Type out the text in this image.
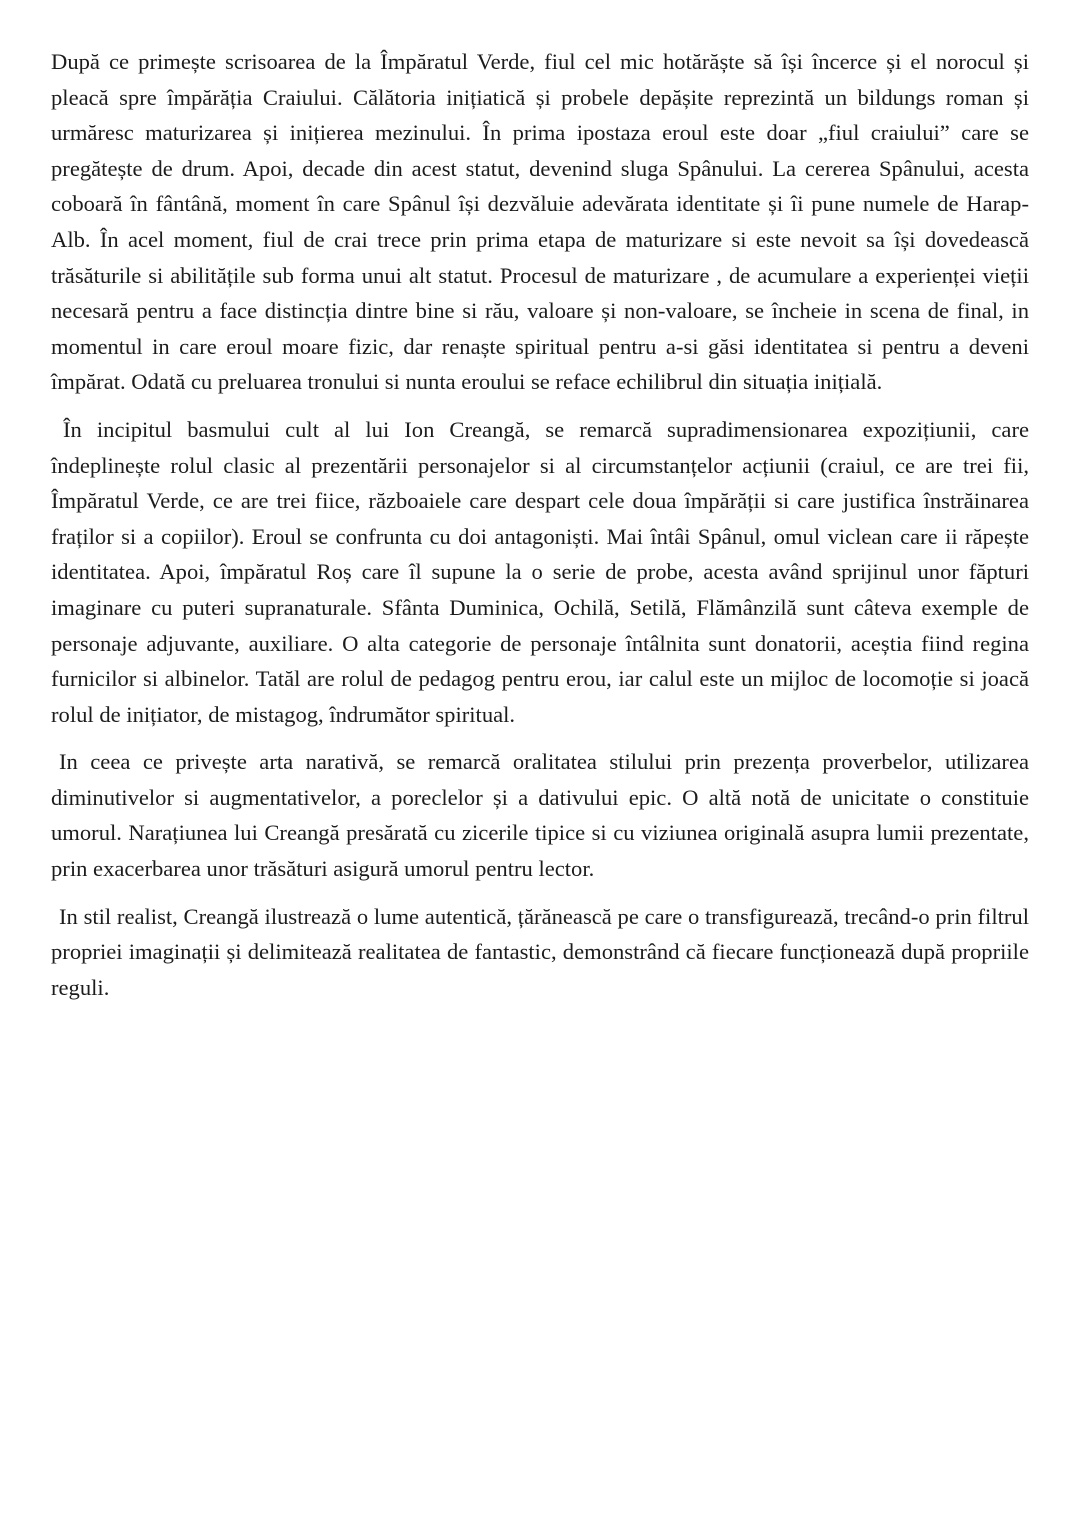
După ce primește scrisoarea de la Împăratul Verde, fiul cel mic hotărăște să își încerce și el norocul și pleacă spre împărăția Craiului. Călătoria inițiatică și probele depășite reprezintă un bildungs roman și urmăresc maturizarea și inițierea mezinului. În prima ipostaza eroul este doar „fiul craiului” care se pregătește de drum. Apoi, decade din acest statut, devenind sluga Spânului. La cererea Spânului, acesta coboară în fântână, moment în care Spânul își dezvăluie adevărata identitate și îi pune numele de Harap-Alb. În acel moment, fiul de crai trece prin prima etapa de maturizare si este nevoit sa își dovedească trăsăturile si abilitățile sub forma unui alt statut. Procesul de maturizare , de acumulare a experienței vieții necesară pentru a face distincția dintre bine si rău, valoare și non-valoare, se încheie in scena de final, in momentul in care eroul moare fizic, dar renaște spiritual pentru a-si găsi identitatea si pentru a deveni împărat. Odată cu preluarea tronului si nunta eroului se reface echilibrul din situația inițială.

În incipitul basmului cult al lui Ion Creangă, se remarcă supradimensionarea expozițiunii, care îndeplinește rolul clasic al prezentării personajelor si al circumstanțelor acțiunii (craiul, ce are trei fii, Împăratul Verde, ce are trei fiice, războaiele care despart cele doua împărății si care justifica înstrăinarea fraților si a copiilor). Eroul se confrunta cu doi antagoniști. Mai întâi Spânul, omul viclean care ii răpește identitatea. Apoi, împăratul Roș care îl supune la o serie de probe, acesta având sprijinul unor făpturi imaginare cu puteri supranaturale. Sfânta Duminica, Ochilă, Setilă, Flămânzilă sunt câteva exemple de personaje adjuvante, auxiliare. O alta categorie de personaje întâlnita sunt donatorii, aceștia fiind regina furnicilor si albinelor. Tatăl are rolul de pedagog pentru erou, iar calul este un mijloc de locomoție si joacă rolul de inițiator, de mistagog, îndrumător spiritual.

In ceea ce privește arta narativă, se remarcă oralitatea stilului prin prezența proverbelor, utilizarea diminutivelor si augmentativelor, a poreclelor și a dativului epic. O altă notă de unicitate o constituie umorul. Narațiunea lui Creangă presărată cu zicerile tipice si cu viziunea originală asupra lumii prezentate, prin exacerbarea unor trăsături asigură umorul pentru lector.

In stil realist, Creangă ilustrează o lume autentică, țărănească pe care o transfigurează, trecând-o prin filtrul propriei imaginații și delimitează realitatea de fantastic, demonstrând că fiecare funcționează după propriile reguli.
